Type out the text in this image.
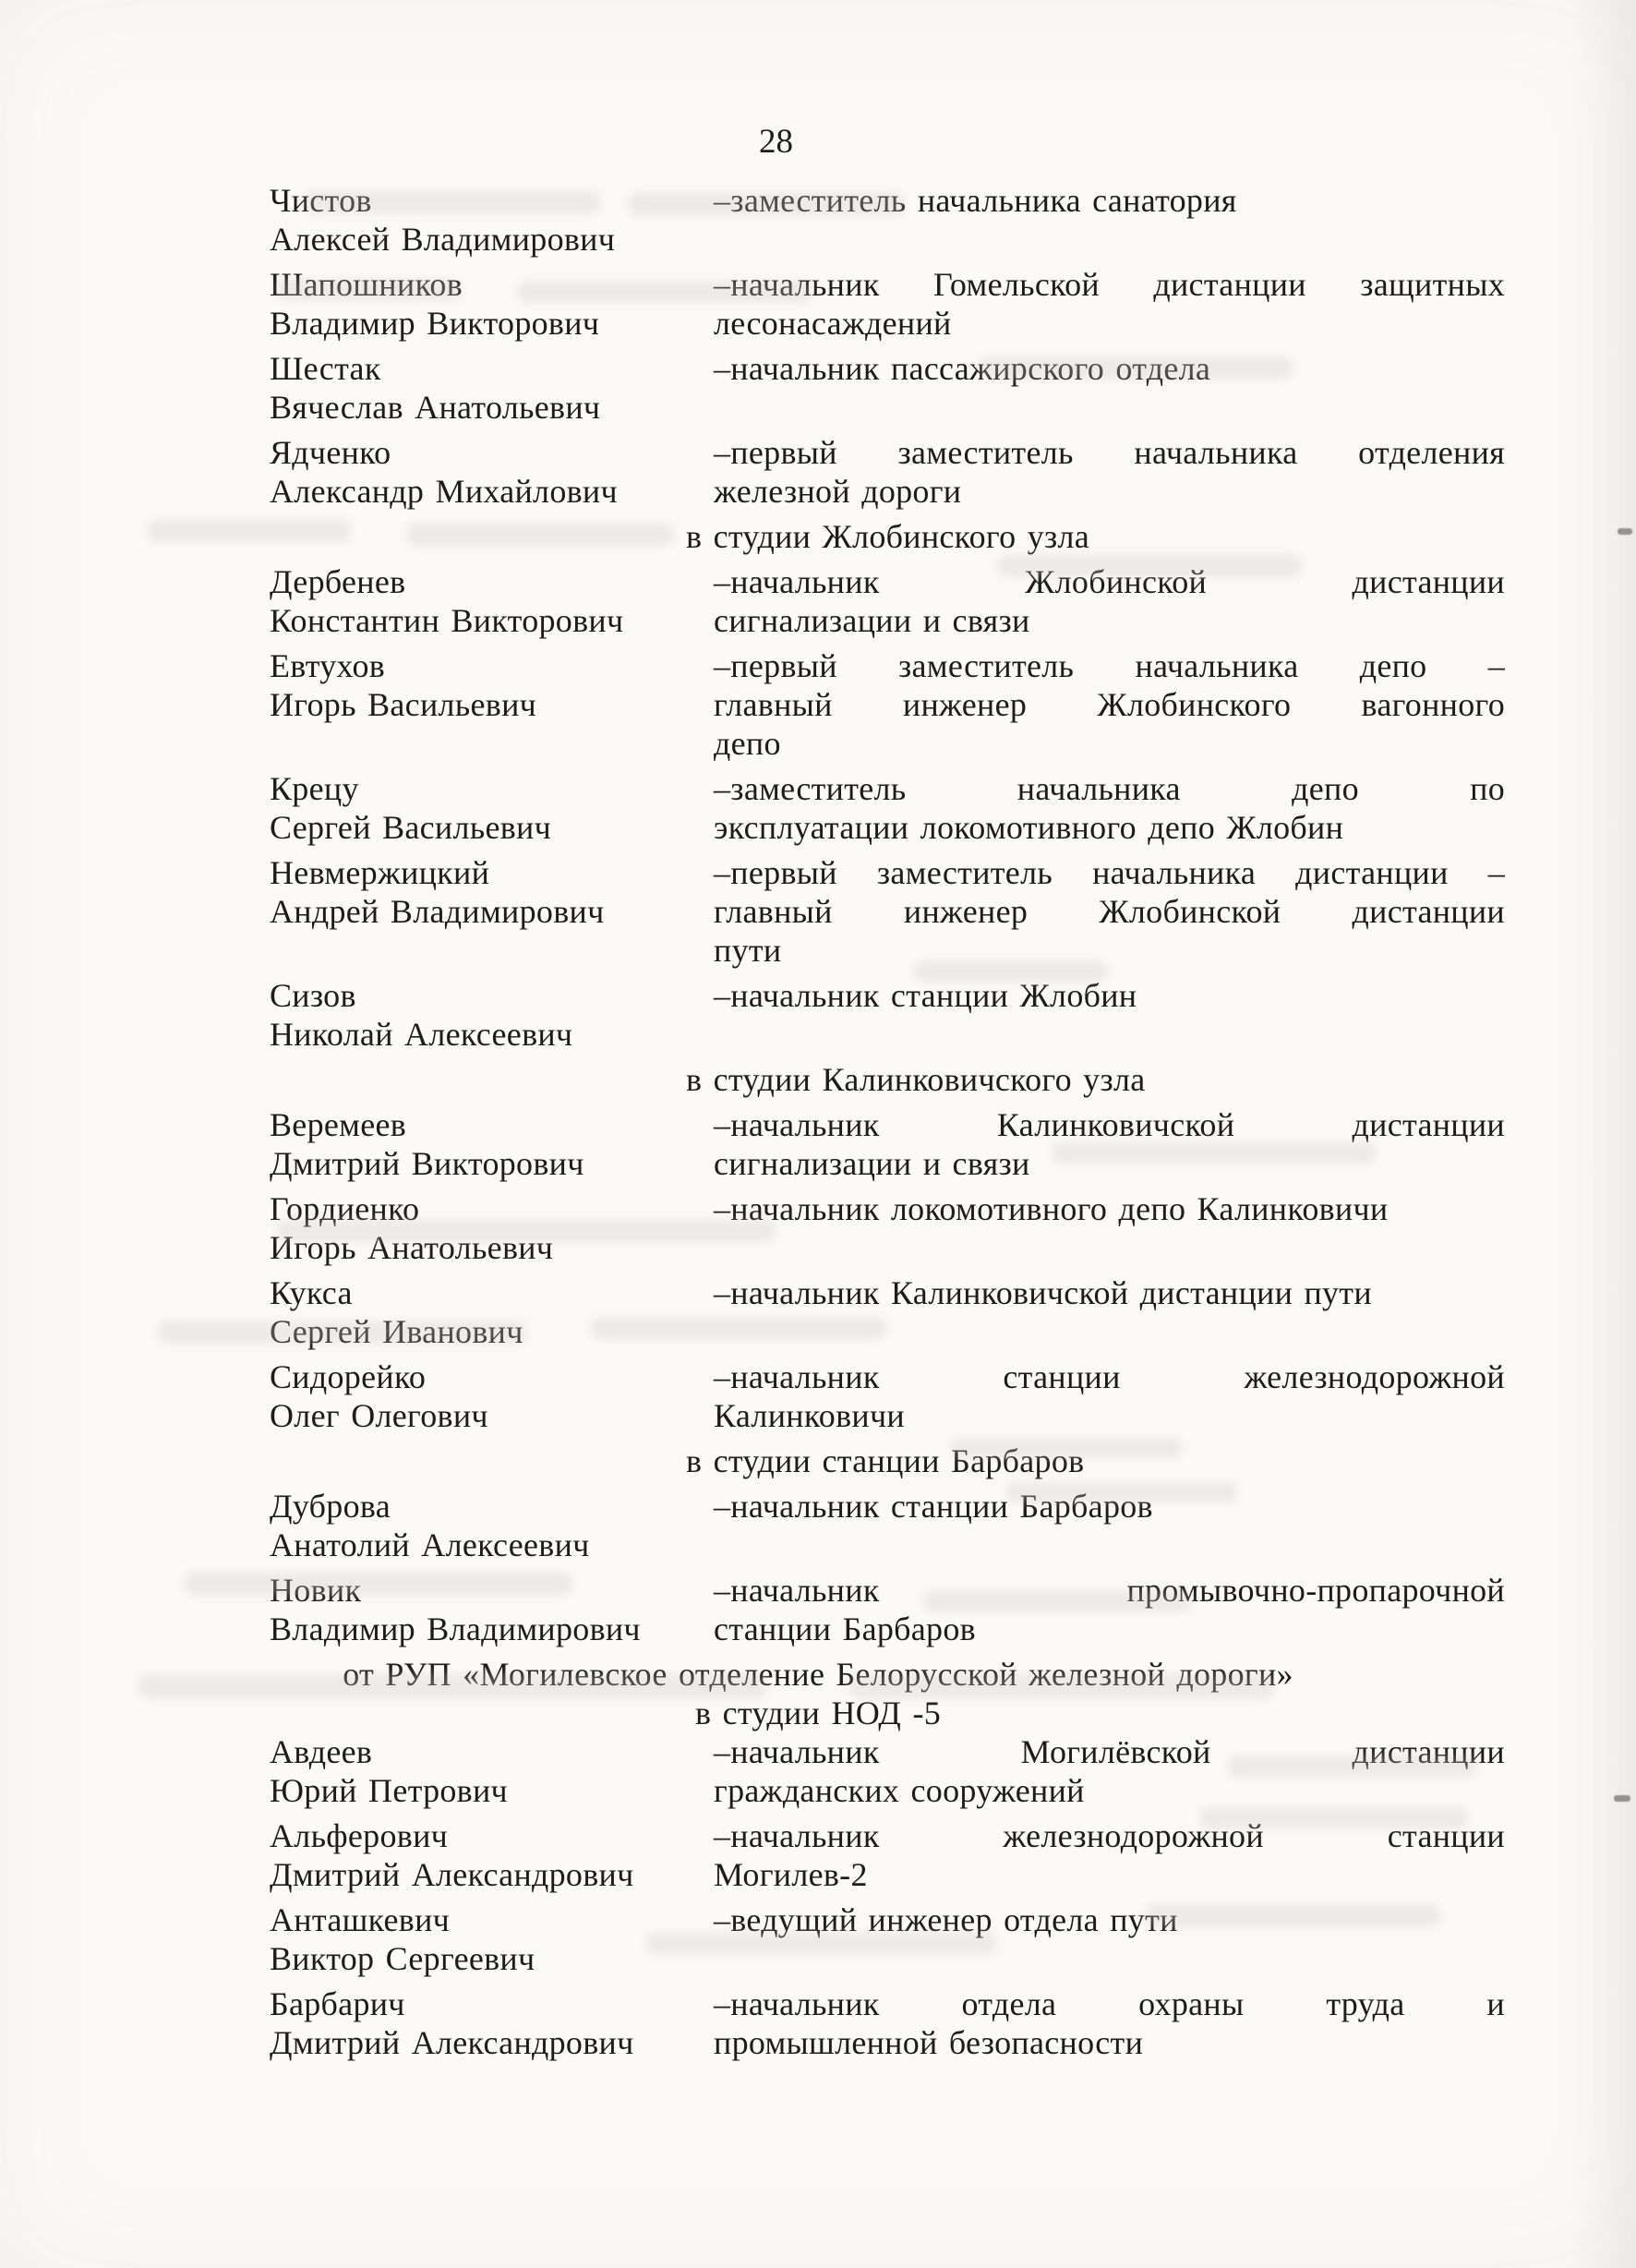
28
Чистов
Алексей Владимирович
–заместитель начальника санатория
Шапошников
Владимир Викторович
–начальник Гомельской дистанции защитных
лесонасаждений
Шестак
Вячеслав Анатольевич
–начальник пассажирского отдела
Ядченко
Александр Михайлович
–первый заместитель начальника отделения
железной дороги
в студии Жлобинского узла
Дербенев
Константин Викторович
–начальник Жлобинской дистанции
сигнализации и связи
Евтухов
Игорь Васильевич
–первый заместитель начальника депо –
главный инженер Жлобинского вагонного
депо
Крецу
Сергей Васильевич
–заместитель начальника депо по
эксплуатации локомотивного депо Жлобин
Невмержицкий
Андрей Владимирович
–первый заместитель начальника дистанции –
главный инженер Жлобинской дистанции
пути
Сизов
Николай Алексеевич
–начальник станции Жлобин
в студии Калинковичского узла
Веремеев
Дмитрий Викторович
–начальник Калинковичской дистанции
сигнализации и связи
Гордиенко
Игорь Анатольевич
–начальник локомотивного депо Калинковичи
Кукса
Сергей Иванович
–начальник Калинковичской дистанции пути
Сидорейко
Олег Олегович
–начальник станции железнодорожной
Калинковичи
в студии станции Барбаров
Дуброва
Анатолий Алексеевич
–начальник станции Барбаров
Новик
Владимир Владимирович
–начальник промывочно-пропарочной
станции Барбаров
от РУП «Могилевское отделение Белорусской железной дороги»
в студии НОД -5
Авдеев
Юрий Петрович
–начальник Могилёвской дистанции
гражданских сооружений
Альферович
Дмитрий Александрович
–начальник железнодорожной станции
Могилев-2
Анташкевич
Виктор Сергеевич
–ведущий инженер отдела пути
Барбарич
Дмитрий Александрович
–начальник отдела охраны труда и
промышленной безопасности
